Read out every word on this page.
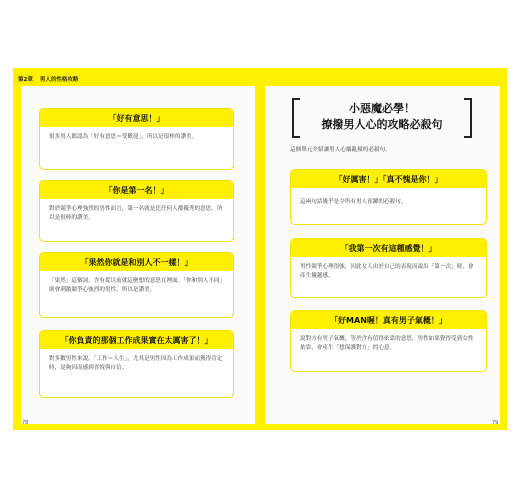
第2章	男人的性格攻略
「好有意思！」
很多男人都認為「好有意思＝受歡迎」，所以是很棒的讚美。
「你是第一名！」
對於競爭心理強烈的男性而言，第一名就是比任何人都優秀的意思，所以是很棒的讚美。
「果然你就是和別人不一樣！」
「果然」這個詞，含有從以前就這麼想的意思在裡面。「你和別人不同」則會刺激競爭心強烈的男性，所以是讚美。
「你負責的那個工作成果實在太厲害了！」
對多數男性來說，「工作＝人生」，尤其是男性因為工作成果而獲得肯定時，是夠因而感到喜悅與自信。
小惡魔必學！
撩撥男人心的攻略必殺句
這個單元介紹讓男人心癢亂撞的必殺句。
「好厲害！」「真不愧是你！」
這兩句話幾乎是令所有男人雀躍的必殺句。
「我第一次有這種感覺！」
男性競爭心理很強，因此女人由於自己的表現而說出「第一次」時，會產生優越感。
「好MAN喔！真有男子氣概！」
說對方有男子氣概，等於含有值得依靠的意思，男性如果覺得受到女性依靠，會產生「想保護對方」的心意。
78	79
